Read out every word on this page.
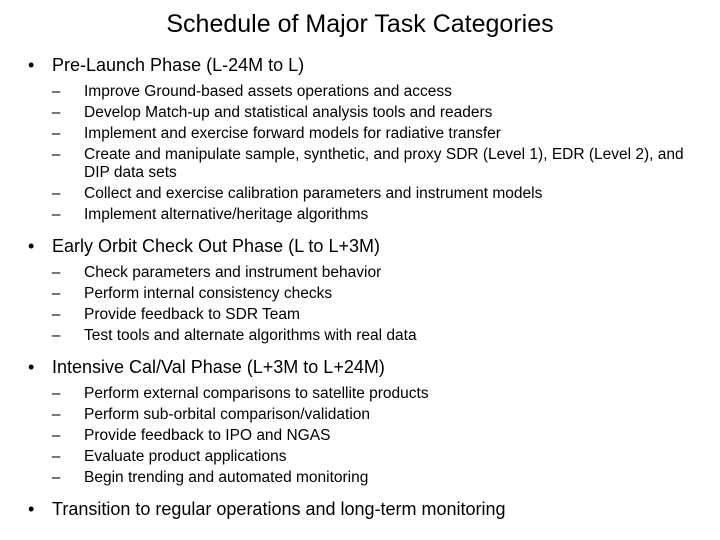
Schedule of Major Task Categories
• Pre-Launch Phase (L-24M to L)
–	Improve Ground-based assets operations and access
–	Develop Match-up and statistical analysis tools and readers
–	Implement and exercise forward models for radiative transfer
–	Create and manipulate sample, synthetic, and proxy SDR (Level 1), EDR (Level 2), and DIP data sets
–	Collect and exercise calibration parameters and instrument models
–	Implement alternative/heritage algorithms
• Early Orbit Check Out Phase (L to L+3M)
–	Check parameters and instrument behavior
–	Perform internal consistency checks
–	Provide feedback to SDR Team
–	Test tools and alternate algorithms with real data
• Intensive Cal/Val Phase (L+3M to L+24M)
–	Perform external comparisons to satellite products
–	Perform sub-orbital comparison/validation
–	Provide feedback to IPO and NGAS
–	Evaluate product applications
–	Begin trending and automated monitoring
• Transition to regular operations and long-term monitoring
